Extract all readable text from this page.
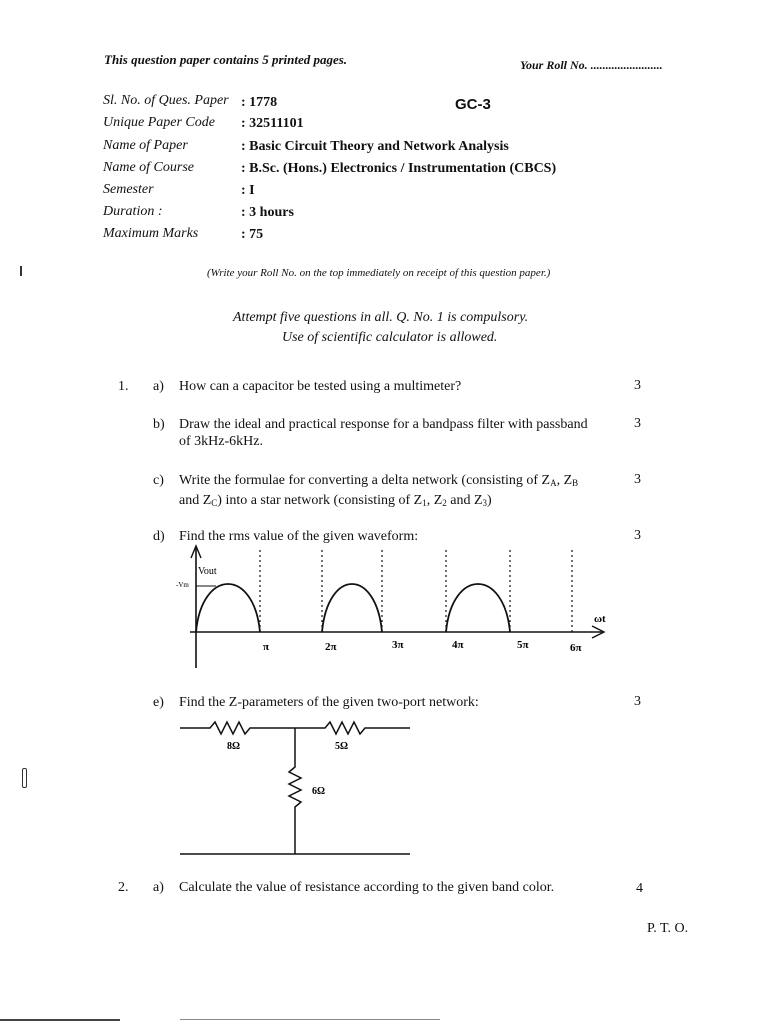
This question paper contains 5 printed pages.	Your Roll No. ........................
Sl. No. of Ques. Paper : 1778
Unique Paper Code : 32511101
Name of Paper	: Basic Circuit Theory and Network Analysis
Name of Course	: B.Sc. (Hons.) Electronics / Instrumentation (CBCS)
Semester	: I
Duration :	: 3 hours
Maximum Marks	: 75
GC-3
(Write your Roll No. on the top immediately on receipt of this question paper.)
Attempt five questions in all. Q. No. 1 is compulsory.
Use of scientific calculator is allowed.
1. a) How can a capacitor be tested using a multimeter?	3
b) Draw the ideal and practical response for a bandpass filter with passband
of 3kHz-6kHz.
3
c) Write the formulae for converting a delta network (consisting of $Z_A$, $Z_B$
and $Z_C$) into a star network (consisting of $Z_1$, $Z_2$ and $Z_3$)
3
d) Find the rms value of the given waveform:	3
Vout
-Vm
ωt
π	2π	3π	4π	5π	6π
e) Find the Z-parameters of the given two-port network:	3
8Ω	5Ω
6Ω
2. a) Calculate the value of resistance according to the given band color.	4
P. T. O.
